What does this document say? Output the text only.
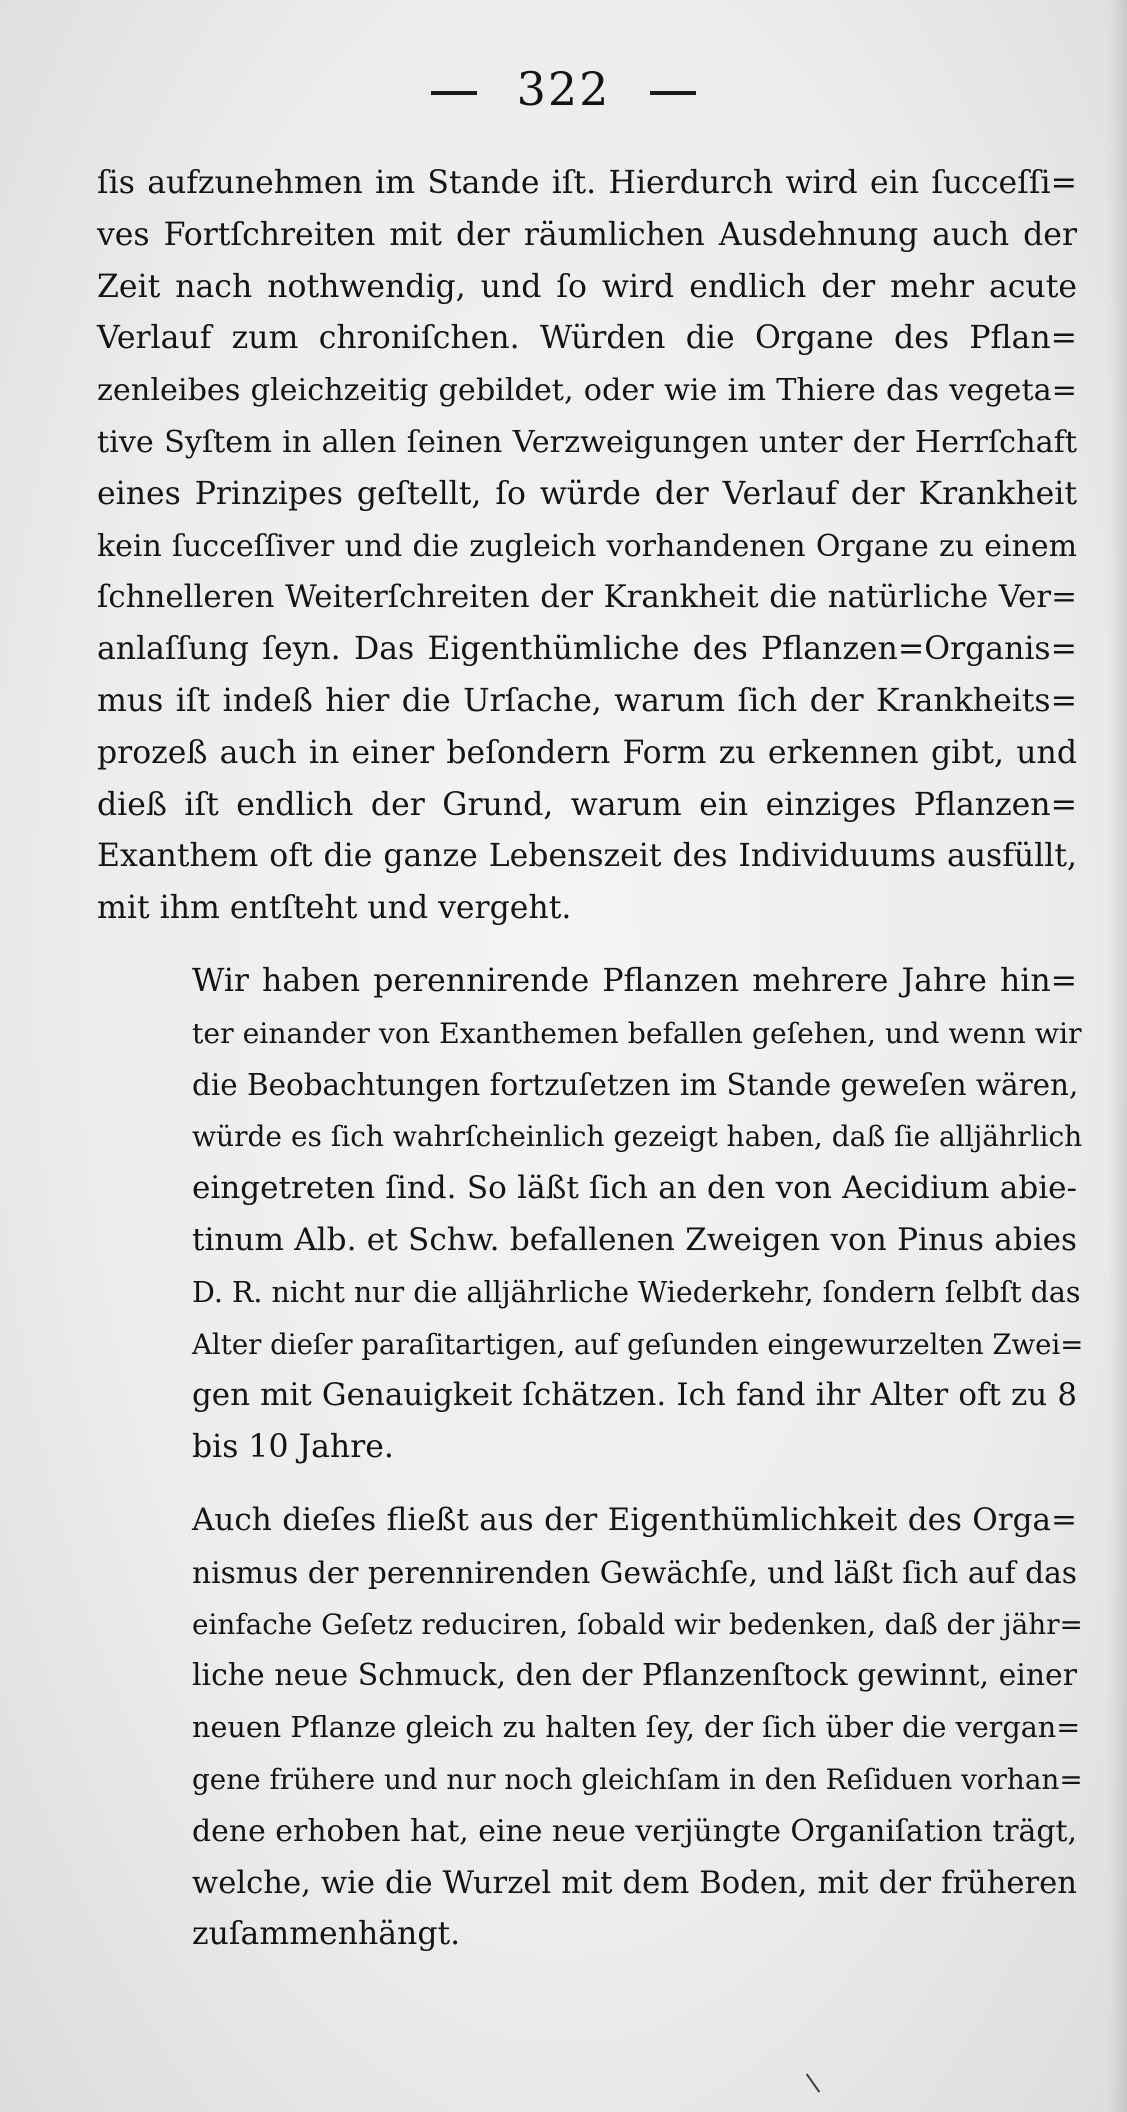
322

ſis aufzunehmen im Stande iſt. Hierdurch wird ein ſucceſſi=
ves Fortſchreiten mit der räumlichen Ausdehnung auch der
Zeit nach nothwendig, und ſo wird endlich der mehr acute
Verlauf zum chroniſchen. Würden die Organe des Pflan=
zenleibes gleichzeitig gebildet, oder wie im Thiere das vegeta=
tive Syſtem in allen ſeinen Verzweigungen unter der Herrſchaft
eines Prinzipes geſtellt, ſo würde der Verlauf der Krankheit
kein ſucceſſiver und die zugleich vorhandenen Organe zu einem
ſchnelleren Weiterſchreiten der Krankheit die natürliche Ver=
anlaſſung ſeyn. Das Eigenthümliche des Pflanzen=Organis=
mus iſt indeß hier die Urſache, warum ſich der Krankheits=
prozeß auch in einer beſondern Form zu erkennen gibt, und
dieß iſt endlich der Grund, warum ein einziges Pflanzen=
Exanthem oft die ganze Lebenszeit des Individuums ausfüllt,
mit ihm entſteht und vergeht.

Wir haben perennirende Pflanzen mehrere Jahre hin=
ter einander von Exanthemen befallen geſehen, und wenn wir
die Beobachtungen fortzuſetzen im Stande geweſen wären,
würde es ſich wahrſcheinlich gezeigt haben, daß ſie alljährlich
eingetreten ſind. So läßt ſich an den von Aecidium abie-
tinum Alb. et Schw. befallenen Zweigen von Pinus abies
D. R. nicht nur die alljährliche Wiederkehr, ſondern ſelbſt das
Alter dieſer paraſitartigen, auf geſunden eingewurzelten Zwei=
gen mit Genauigkeit ſchätzen. Ich fand ihr Alter oft zu 8
bis 10 Jahre.

Auch dieſes fließt aus der Eigenthümlichkeit des Orga=
nismus der perennirenden Gewächſe, und läßt ſich auf das
einfache Geſetz reduciren, ſobald wir bedenken, daß der jähr=
liche neue Schmuck, den der Pflanzenſtock gewinnt, einer
neuen Pflanze gleich zu halten ſey, der ſich über die vergan=
gene frühere und nur noch gleichſam in den Reſiduen vorhan=
dene erhoben hat, eine neue verjüngte Organiſation trägt,
welche, wie die Wurzel mit dem Boden, mit der früheren
zuſammenhängt.
